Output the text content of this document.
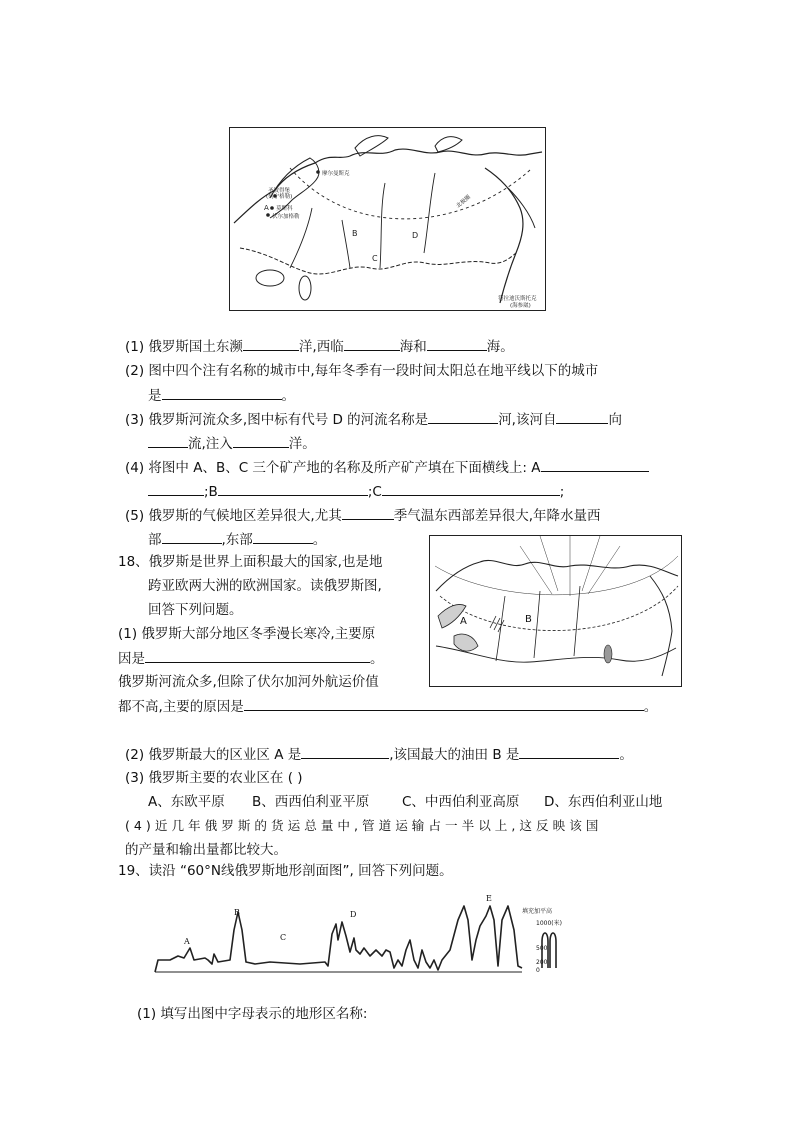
摩尔曼斯克
圣彼得堡
(列宁格勒)
莫斯科
A
伏尔加格勒
B
C
D
北极圈
符拉迪沃斯托克
(海参崴)
(1) 俄罗斯国土东濒	洋,西临	海和	海。
(2) 图中四个注有名称的城市中,每年冬季有一段时间太阳总在地平线以下的城市
是	。
(3) 俄罗斯河流众多,图中标有代号 D 的河流名称是	河,该河自	向
流,注入	洋。
(4) 将图中 A、B、C 三个矿产地的名称及所产矿产填在下面横线上: A
;B	;C	;
(5) 俄罗斯的气候地区差异很大,尤其	季气温东西部差异很大,年降水量西
部	,东部	。
A	B
18、俄罗斯是世界上面积最大的国家,也是地
跨亚欧两大洲的欧洲国家。读俄罗斯图,
回答下列问题。
(1) 俄罗斯大部分地区冬季漫长寒冷,主要原
因是	。
俄罗斯河流众多,但除了伏尔加河外航运价值
都不高,主要的原因是	。
(2) 俄罗斯最大的区业区 A 是	,该国最大的油田 B 是	。
(3) 俄罗斯主要的农业区在 ( )
A、东欧平原 B、西西伯利亚平原 C、中西伯利亚高原 D、东西伯利亚山地
( 4 ) 近 几 年 俄 罗 斯 的 货 运 总 量 中 , 管 道 运 输 占 一 半 以 上 , 这 反 映 该 国
的产量和输出量都比较大。
19、读沿 “60°N线俄罗斯地形剖面图”, 回答下列问题。
A
B
C
D
E
填充加平高
1000(米)
500
200
0
(1) 填写出图中字母表示的地形区名称:
